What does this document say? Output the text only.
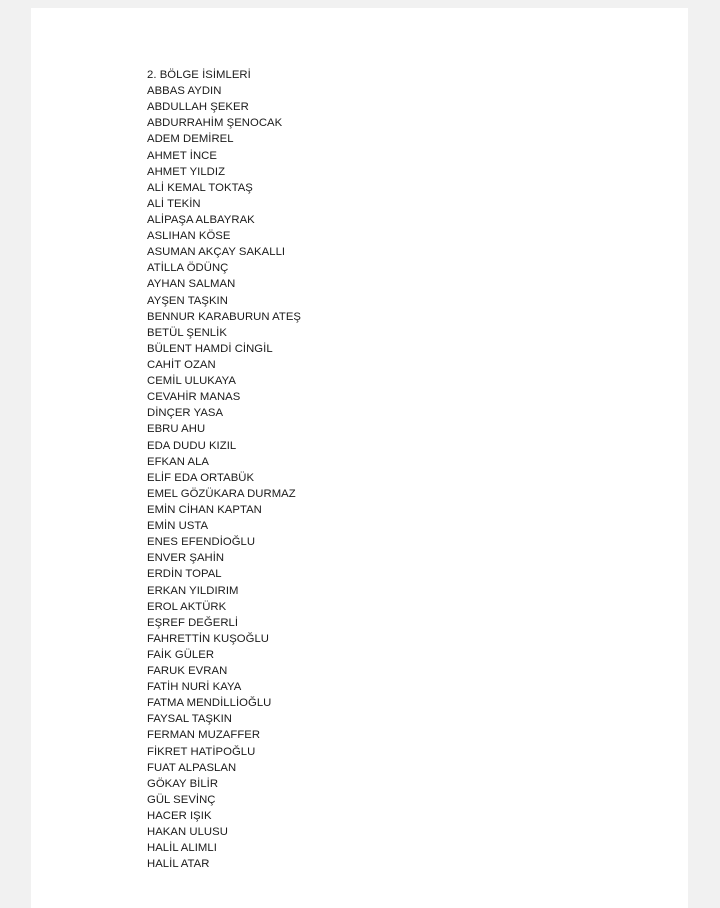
2. BÖLGE İSİMLERİ
ABBAS AYDIN
ABDULLAH ŞEKER
ABDURRAHİM ŞENOCAK
ADEM DEMİREL
AHMET İNCE
AHMET YILDIZ
ALİ KEMAL TOKTAŞ
ALİ TEKİN
ALİPAŞA ALBAYRAK
ASLIHAN KÖSE
ASUMAN AKÇAY SAKALLI
ATİLLA ÖDÜNÇ
AYHAN SALMAN
AYŞEN TAŞKIN
BENNUR KARABURUN ATEŞ
BETÜL ŞENLİK
BÜLENT HAMDİ CİNGİL
CAHİT OZAN
CEMİL ULUKAYA
CEVAHİR MANAS
DİNÇER YASA
EBRU AHU
EDA DUDU KIZIL
EFKAN ALA
ELİF EDA ORTABÜK
EMEL GÖZÜKARA DURMAZ
EMİN CİHAN KAPTAN
EMİN USTA
ENES EFENDİOĞLU
ENVER ŞAHİN
ERDİN TOPAL
ERKAN YILDIRIM
EROL AKTÜRK
EŞREF DEĞERLİ
FAHRETTİN KUŞOĞLU
FAİK GÜLER
FARUK EVRAN
FATİH NURİ KAYA
FATMA MENDİLLİOĞLU
FAYSAL TAŞKIN
FERMAN MUZAFFER
FİKRET HATİPOĞLU
FUAT ALPASLAN
GÖKAY BİLİR
GÜL SEVİNÇ
HACER IŞIK
HAKAN ULUSU
HALİL ALIMLI
HALİL ATAR
